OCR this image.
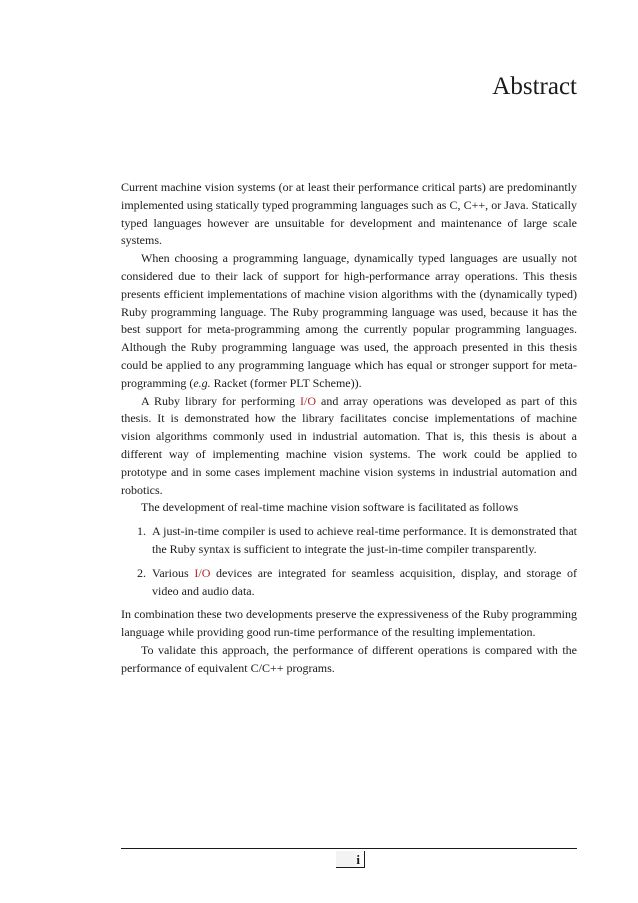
Abstract

Current machine vision systems (or at least their performance critical parts) are predominantly implemented using statically typed programming languages such as C, C++, or Java. Statically typed languages however are unsuitable for development and maintenance of large scale systems.

When choosing a programming language, dynamically typed languages are usually not considered due to their lack of support for high-performance array operations. This thesis presents efficient implementations of machine vision algorithms with the (dynamically typed) Ruby programming language. The Ruby programming language was used, because it has the best support for meta-programming among the currently popular programming languages. Although the Ruby programming language was used, the approach presented in this thesis could be applied to any programming language which has equal or stronger support for meta-programming (e.g. Racket (former PLT Scheme)).

A Ruby library for performing I/O and array operations was developed as part of this thesis. It is demonstrated how the library facilitates concise implementations of machine vision algorithms commonly used in industrial automation. That is, this thesis is about a different way of implementing machine vision systems. The work could be applied to prototype and in some cases implement machine vision systems in industrial automation and robotics.

The development of real-time machine vision software is facilitated as follows

1. A just-in-time compiler is used to achieve real-time performance. It is demonstrated that the Ruby syntax is sufficient to integrate the just-in-time compiler transparently.
2. Various I/O devices are integrated for seamless acquisition, display, and storage of video and audio data.

In combination these two developments preserve the expressiveness of the Ruby programming language while providing good run-time performance of the resulting implementation.

To validate this approach, the performance of different operations is compared with the performance of equivalent C/C++ programs.

i
